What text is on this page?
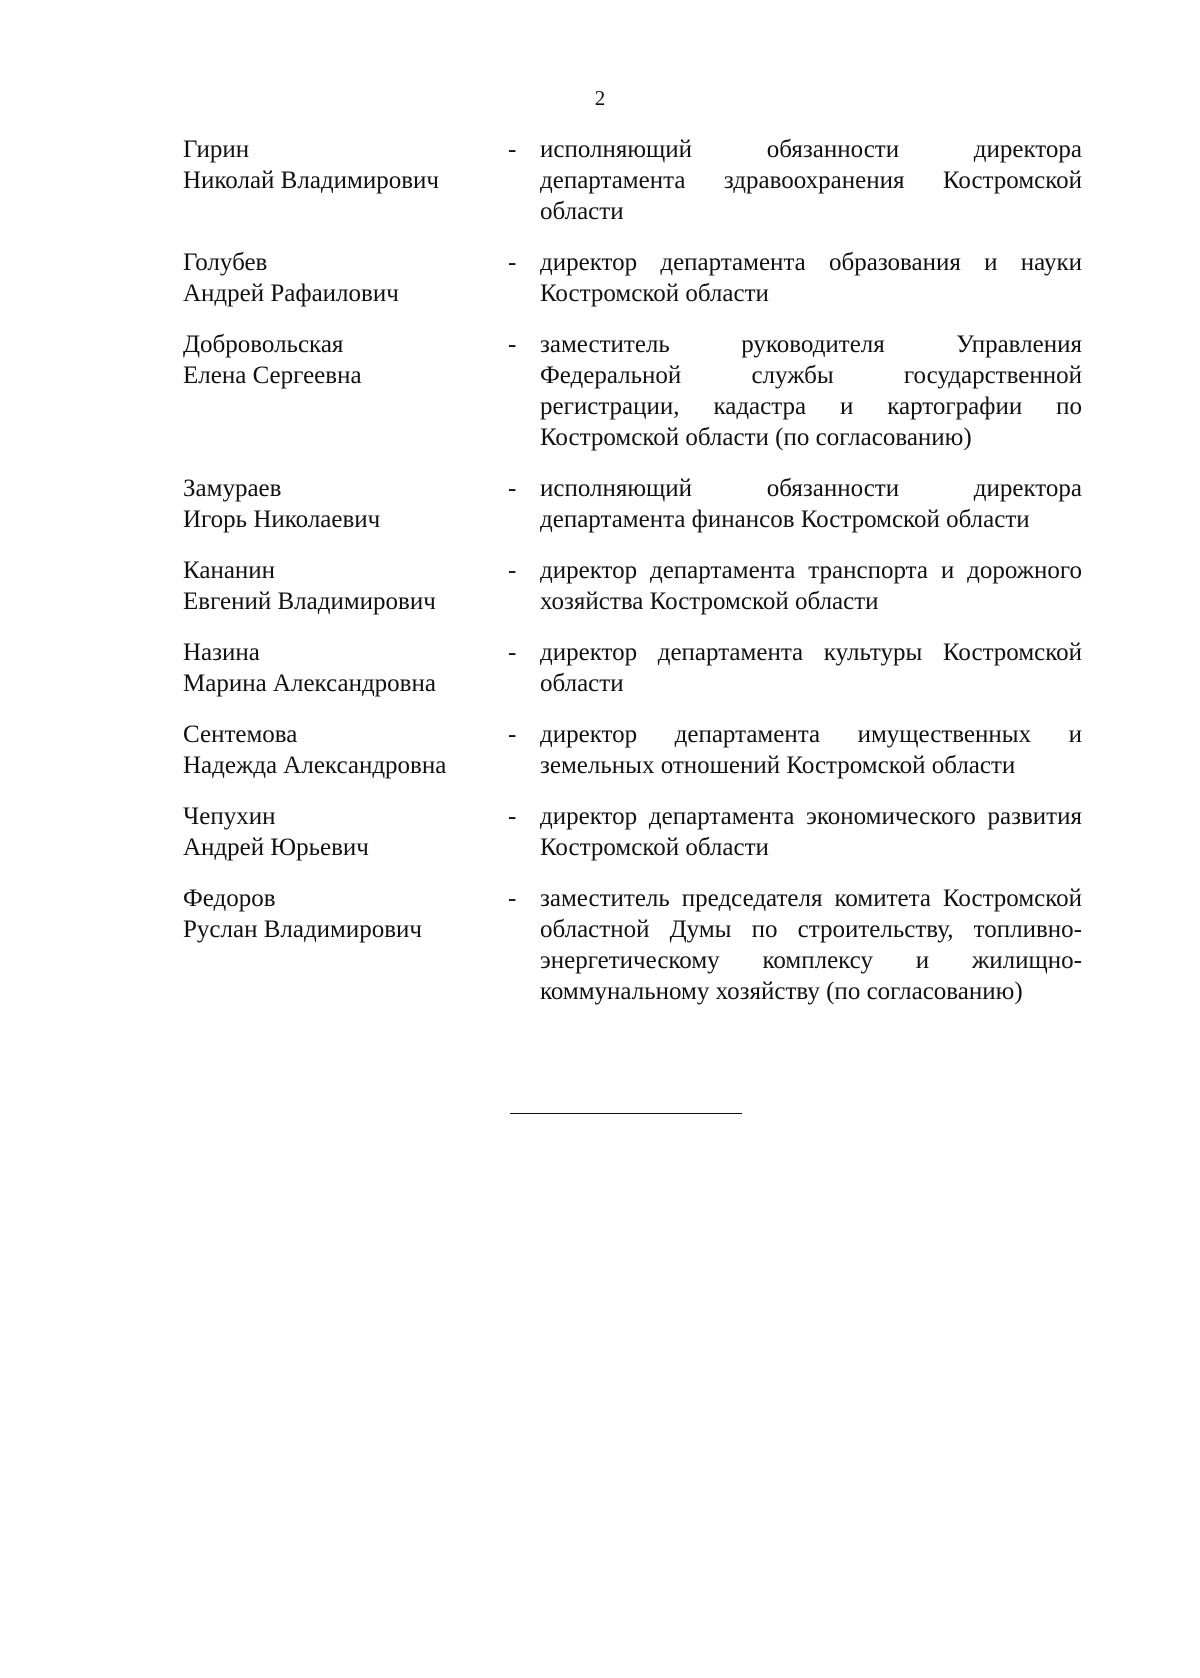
2
Гирин
Николай Владимирович
- исполняющий обязанности директора департамента здравоохранения Костромской области
Голубев
Андрей Рафаилович
- директор департамента образования и науки Костромской области
Добровольская
Елена Сергеевна
- заместитель руководителя Управления Федеральной службы государственной регистрации, кадастра и картографии по Костромской области (по согласованию)
Замураев
Игорь Николаевич
- исполняющий обязанности директора департамента финансов Костромской области
Кананин
Евгений Владимирович
- директор департамента транспорта и дорожного хозяйства Костромской области
Назина
Марина Александровна
- директор департамента культуры Костромской области
Сентемова
Надежда Александровна
- директор департамента имущественных и земельных отношений Костромской области
Чепухин
Андрей Юрьевич
- директор департамента экономического развития Костромской области
Федоров
Руслан Владимирович
- заместитель председателя комитета Костромской областной Думы по строительству, топливно-энергетическому комплексу и жилищно-коммунальному хозяйству (по согласованию)
